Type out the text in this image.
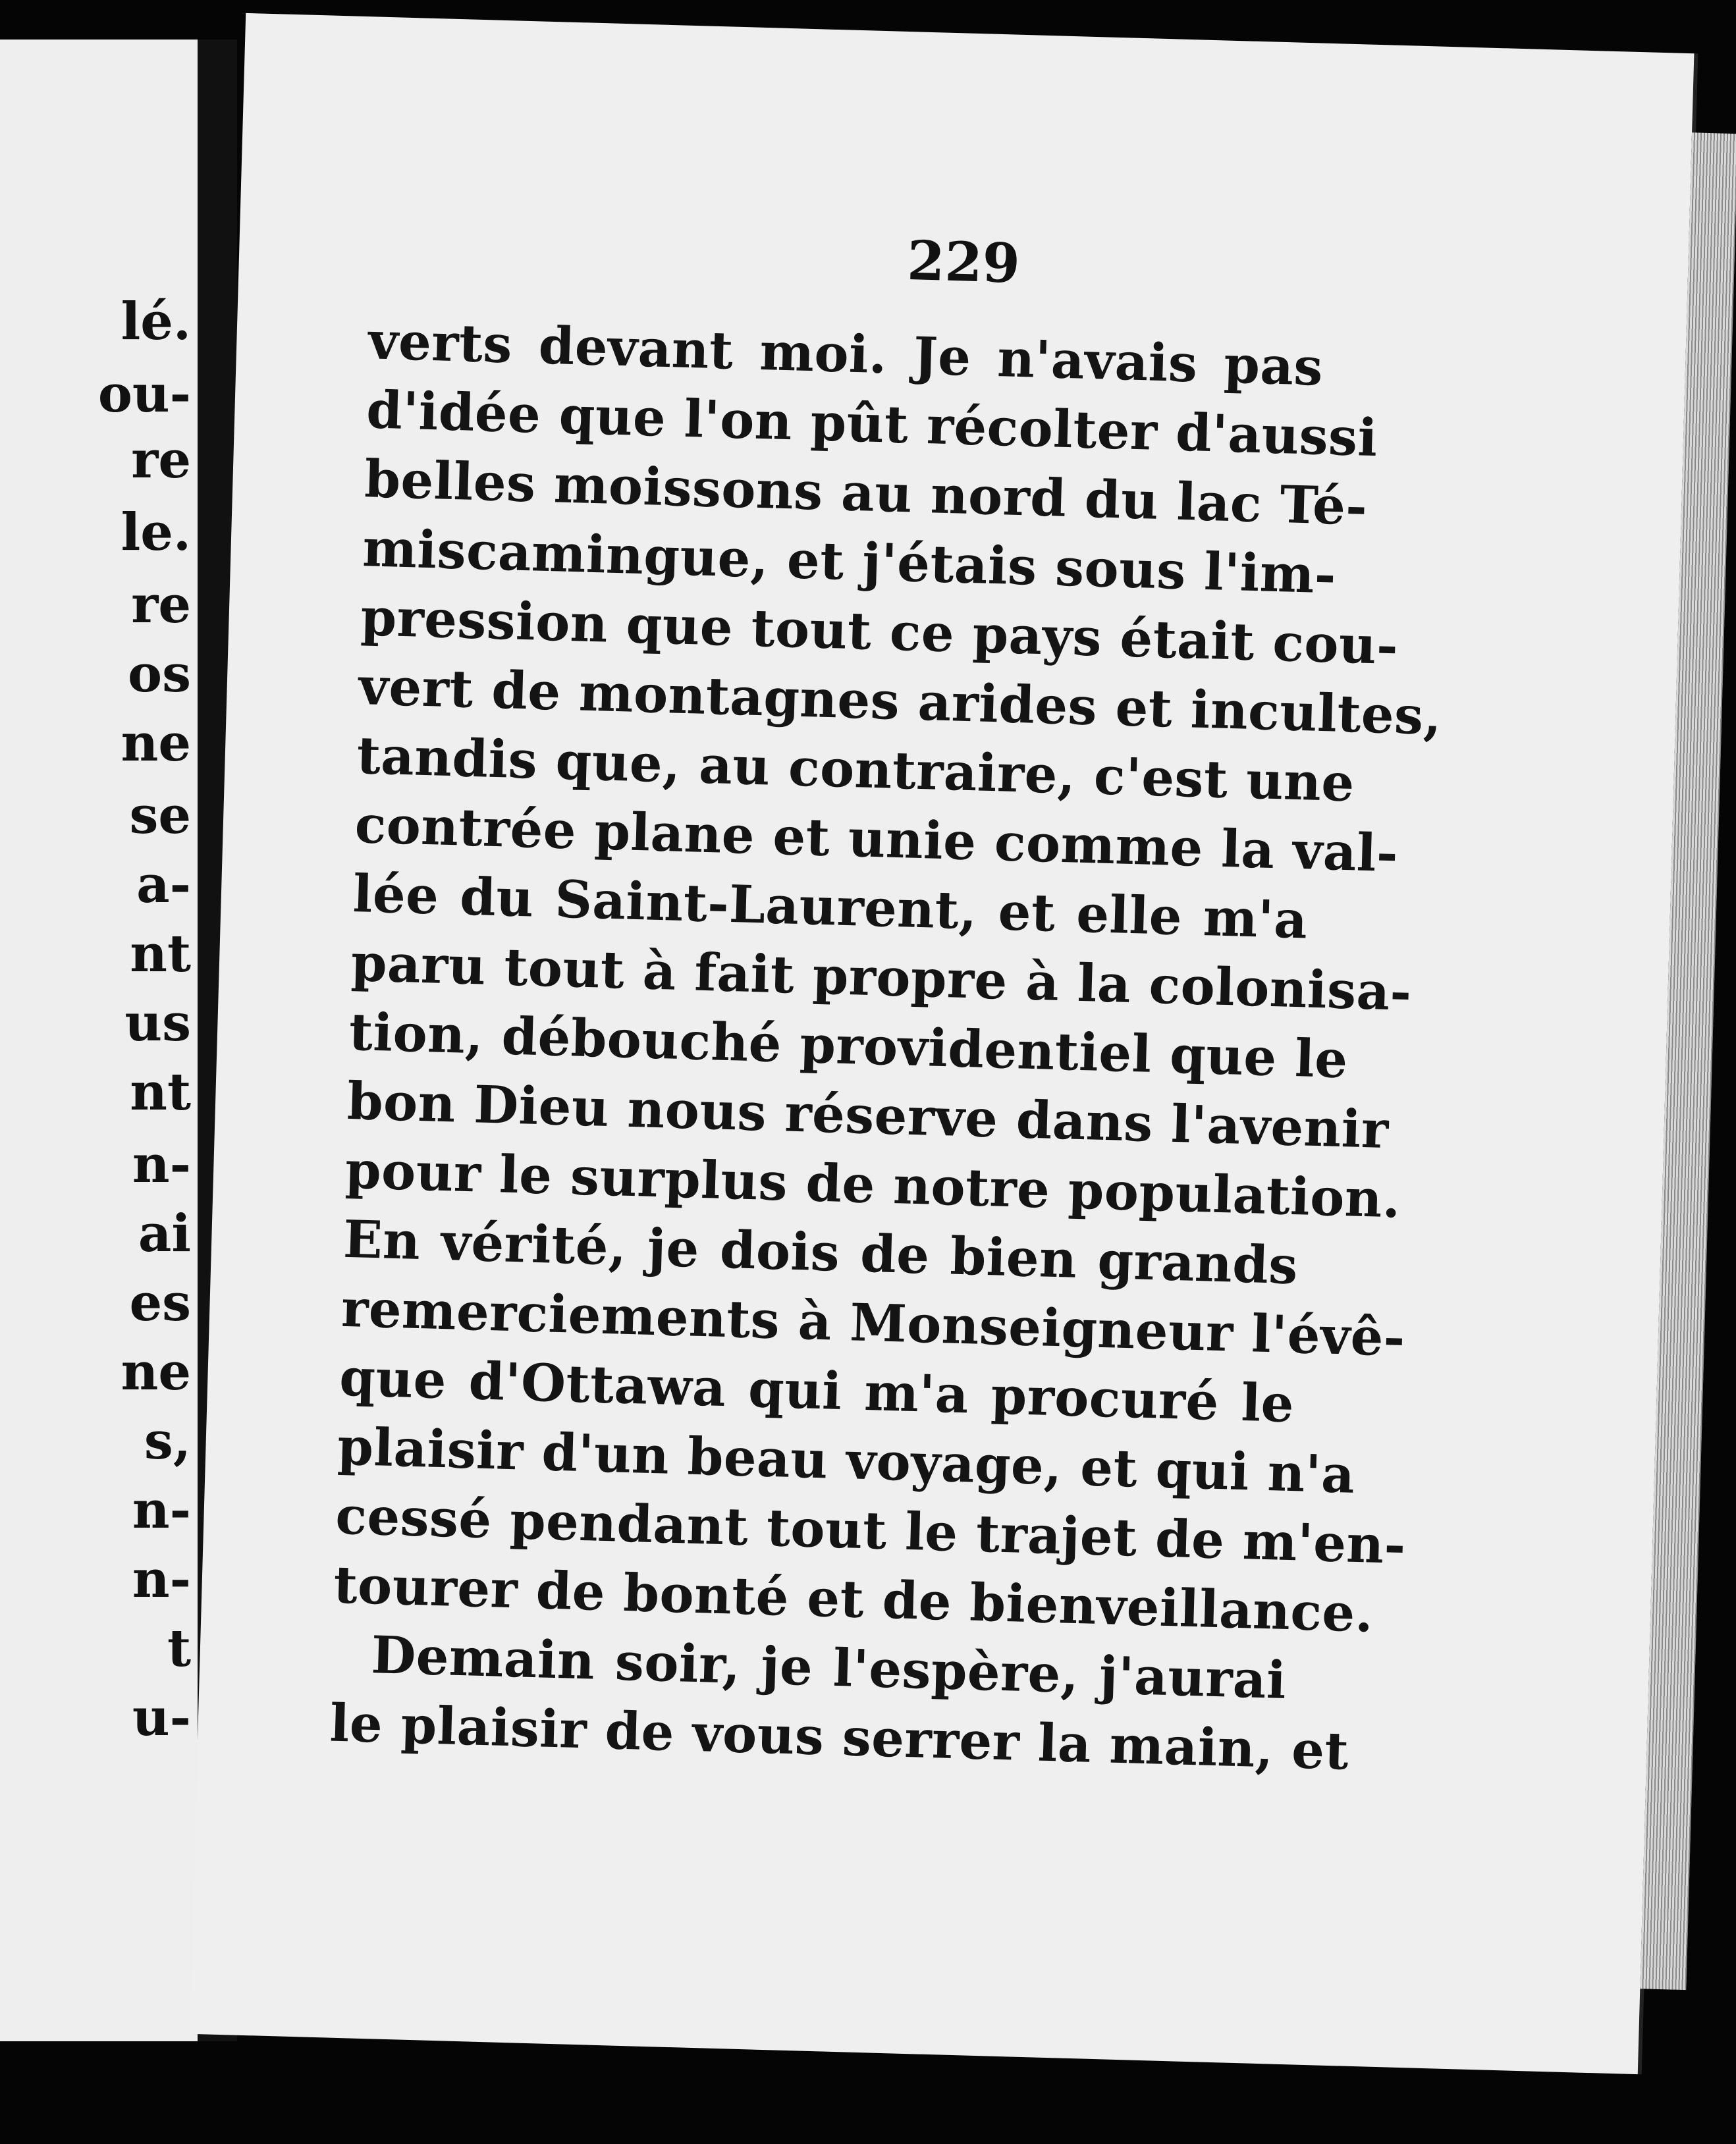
lé.
ou-
re
le.
re
os
ne
se
a-
nt
us
nt
n-
ai
es
ne
s,
n-
n-
t
u-
229
verts devant moi. Je n'avais pas
d'idée que l'on pût récolter d'aussi
belles moissons au nord du lac Té-
miscamingue, et j'étais sous l'im-
pression que tout ce pays était cou-
vert de montagnes arides et incultes,
tandis que, au contraire, c'est une
contrée plane et unie comme la val-
lée du Saint-Laurent, et elle m'a
paru tout à fait propre à la colonisa-
tion, débouché providentiel que le
bon Dieu nous réserve dans l'avenir
pour le surplus de notre population.
En vérité, je dois de bien grands
remerciements à Monseigneur l'évê-
que d'Ottawa qui m'a procuré le
plaisir d'un beau voyage, et qui n'a
cessé pendant tout le trajet de m'en-
tourer de bonté et de bienveillance.
Demain soir, je l'espère, j'aurai
le plaisir de vous serrer la main, et
